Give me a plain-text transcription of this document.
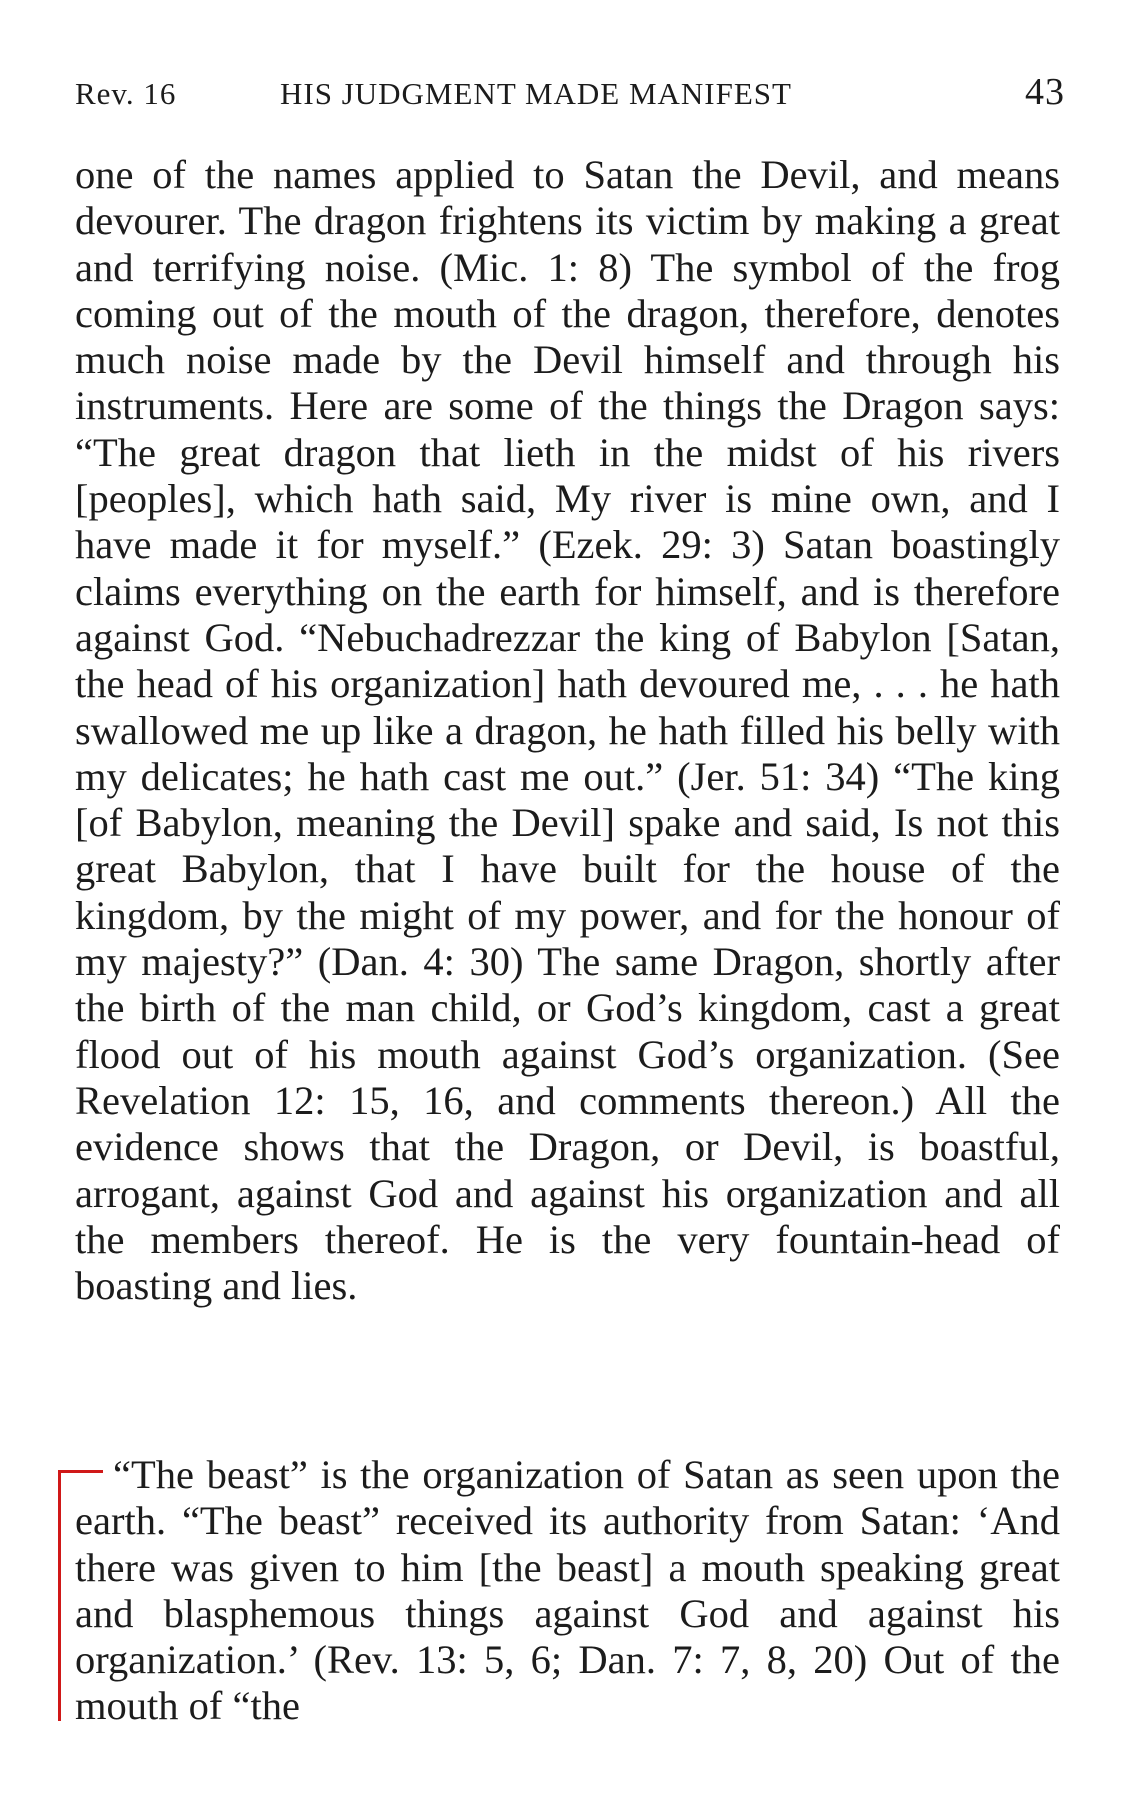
Rev. 16	HIS JUDGMENT MADE MANIFEST	43

one of the names applied to Satan the Devil, and means devourer. The dragon frightens its victim by making a great and terrifying noise. (Mic. 1: 8) The symbol of the frog coming out of the mouth of the dragon, therefore, denotes much noise made by the Devil himself and through his instruments. Here are some of the things the Dragon says: “The great dragon that lieth in the midst of his rivers [peoples], which hath said, My river is mine own, and I have made it for myself.” (Ezek. 29: 3) Satan boastingly claims everything on the earth for himself, and is therefore against God. “Nebuchadrezzar the king of Babylon [Satan, the head of his organization] hath devoured me, . . . he hath swallowed me up like a dragon, he hath filled his belly with my delicates; he hath cast me out.” (Jer. 51: 34) “The king [of Babylon, meaning the Devil] spake and said, Is not this great Babylon, that I have built for the house of the kingdom, by the might of my power, and for the honour of my majesty?” (Dan. 4: 30) The same Dragon, shortly after the birth of the man child, or God’s kingdom, cast a great flood out of his mouth against God’s organization. (See Revelation 12: 15, 16, and comments thereon.) All the evidence shows that the Dragon, or Devil, is boastful, arrogant, against God and against his organization and all the members thereof. He is the very fountain-head of boasting and lies.

“The beast” is the organization of Satan as seen upon the earth. “The beast” received its authority from Satan: ‘And there was given to him [the beast] a mouth speaking great and blasphemous things against God and against his organization.’ (Rev. 13: 5, 6; Dan. 7: 7, 8, 20) Out of the mouth of “the
